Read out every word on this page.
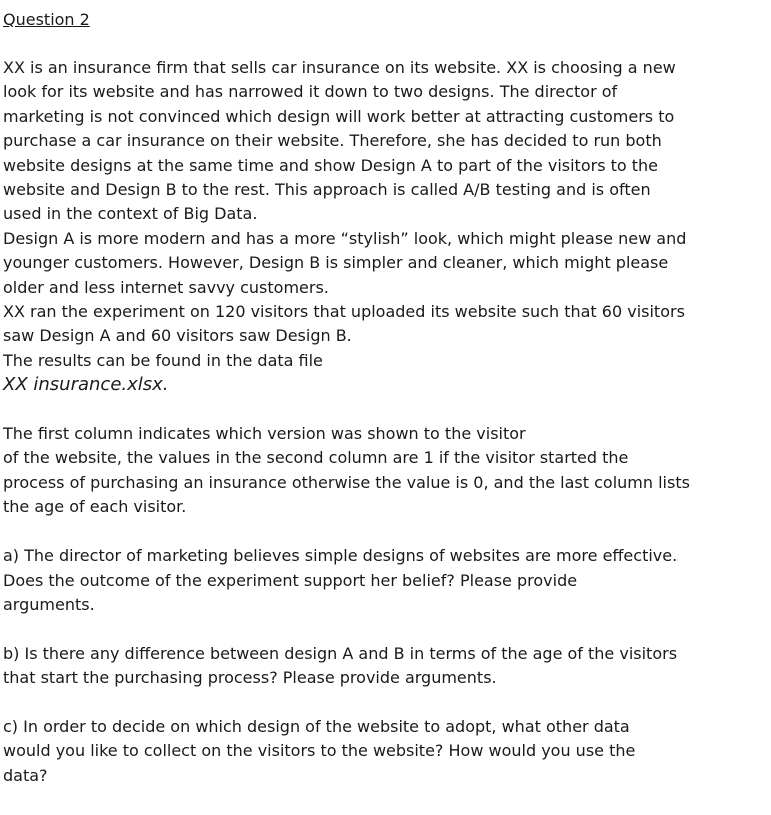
Question 2

XX is an insurance firm that sells car insurance on its website. XX is choosing a new

look for its website and has narrowed it down to two designs. The director of

marketing is not convinced which design will work better at attracting customers to

purchase a car insurance on their website. Therefore, she has decided to run both

website designs at the same time and show Design A to part of the visitors to the

website and Design B to the rest. This approach is called A/B testing and is often

used in the context of Big Data.

Design A is more modern and has a more “stylish” look, which might please new and

younger customers. However, Design B is simpler and cleaner, which might please

older and less internet savvy customers.

XX ran the experiment on 120 visitors that uploaded its website such that 60 visitors

saw Design A and 60 visitors saw Design B.

The results can be found in the data file

XX insurance.xlsx.

The first column indicates which version was shown to the visitor

of the website, the values in the second column are 1 if the visitor started the

process of purchasing an insurance otherwise the value is 0, and the last column lists

the age of each visitor.

a) The director of marketing believes simple designs of websites are more effective.

Does the outcome of the experiment support her belief? Please provide

arguments.

b) Is there any difference between design A and B in terms of the age of the visitors

that start the purchasing process? Please provide arguments.

c) In order to decide on which design of the website to adopt, what other data

would you like to collect on the visitors to the website? How would you use the

data?
